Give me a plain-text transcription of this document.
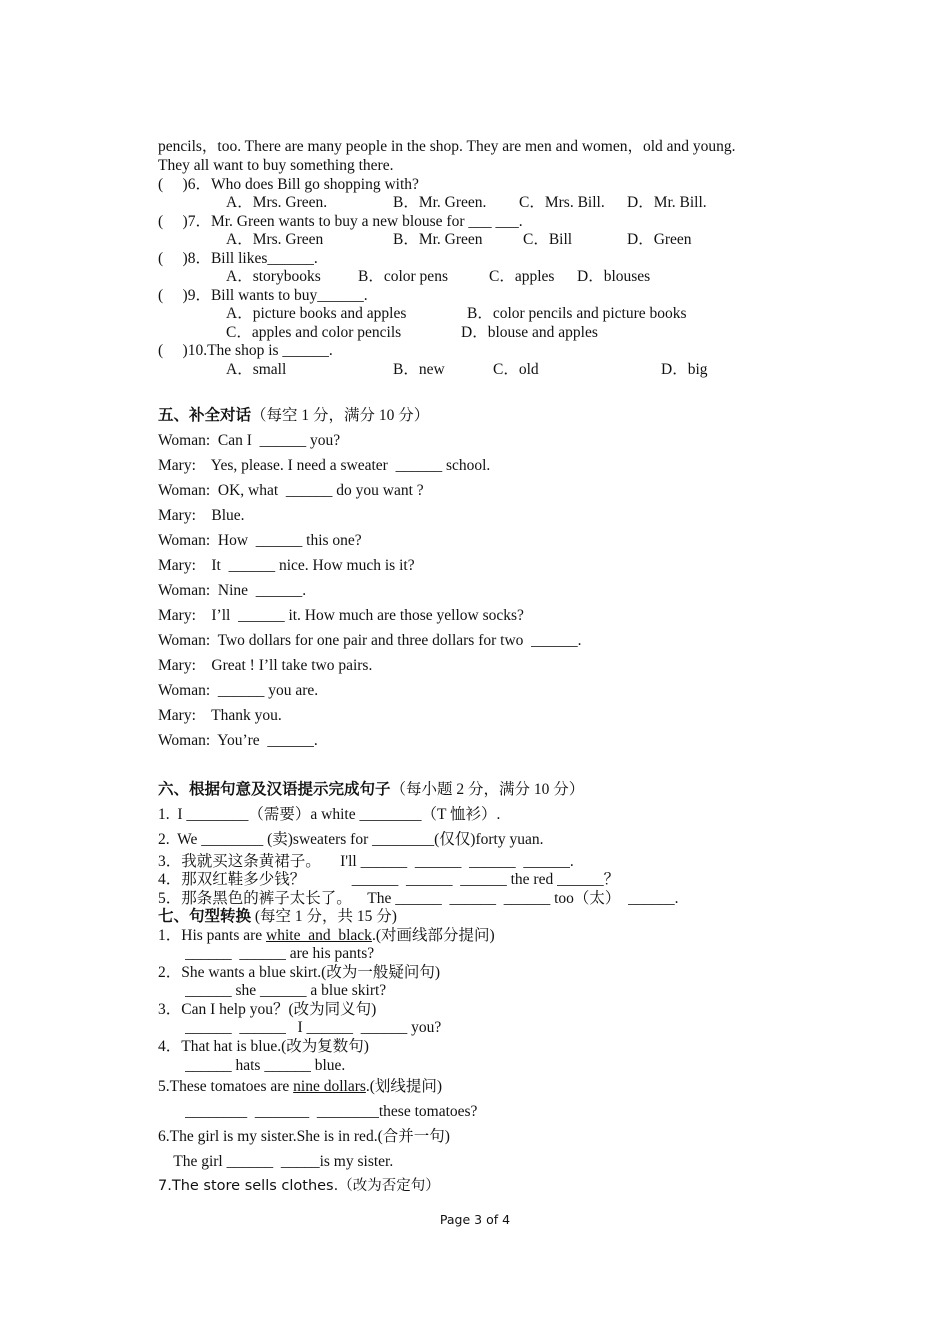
pencils，too. There are many people in the shop. They are men and women，old and young.
They all want to buy something there.
(     )6．Who does Bill go shopping with?
A．Mrs. Green.	B．Mr. Green. C．Mrs. Bill. D．Mr. Bill.
(     )7．Mr. Green wants to buy a new blouse for ___ ___.
A．Mrs. Green	B．Mr. Green	C．Bill	D．Green
(     )8．Bill likes______.
A．storybooks B．color pens	C．apples D．blouses
(     )9．Bill wants to buy______.
A．picture books and apples	B．color pencils and picture books
C．apples and color pencils	D．blouse and apples
(     )10.The shop is ______.
A．small	B．new	C．old	D．big
五、补全对话（每空 1 分，满分 10 分）
Woman:  Can I  ______ you?
Mary:    Yes, please. I need a sweater  ______ school.
Woman:  OK, what  ______ do you want ?
Mary:    Blue.
Woman:  How  ______ this one?
Mary:    It  ______ nice. How much is it?
Woman:  Nine  ______.
Mary:    I’ll  ______ it. How much are those yellow socks?
Woman:  Two dollars for one pair and three dollars for two  ______.
Mary:    Great ! I’ll take two pairs.
Woman:  ______ you are.
Mary:    Thank you.
Woman:  You’re  ______.
六、根据句意及汉语提示完成句子（每小题 2 分，满分 10 分）
1.  I ________（需要）a white ________（T 恤衫）.
2.  We ________ (卖)sweaters for ________(仅仅)forty yuan.
3．我就买这条黄裙子。     I'll ______  ______  ______  ______.
4．那双红鞋多少钱？            ______  ______  ______ the red ______？
5．那条黑色的裤子太长了。    The ______  ______  ______ too（太）  ______.
七、句型转换 (每空 1 分，共 15 分)
1．His pants are white  and  black.(对画线部分提问)
______  ______ are his pants?
2．She wants a blue skirt.(改为一般疑问句)
______ she ______ a blue skirt?
3．Can I help you？(改为同义句)
______  ______   I ______  ______ you?
4．That hat is blue.(改为复数句)
______ hats ______ blue.
5.These tomatoes are nine dollars.(划线提问)
________  _______  ________these tomatoes?
6.The girl is my sister.She is in red.(合并一句)
The girl ______  _____is my sister.
7.The store sells clothes.（改为否定句）
Page 3 of 4
